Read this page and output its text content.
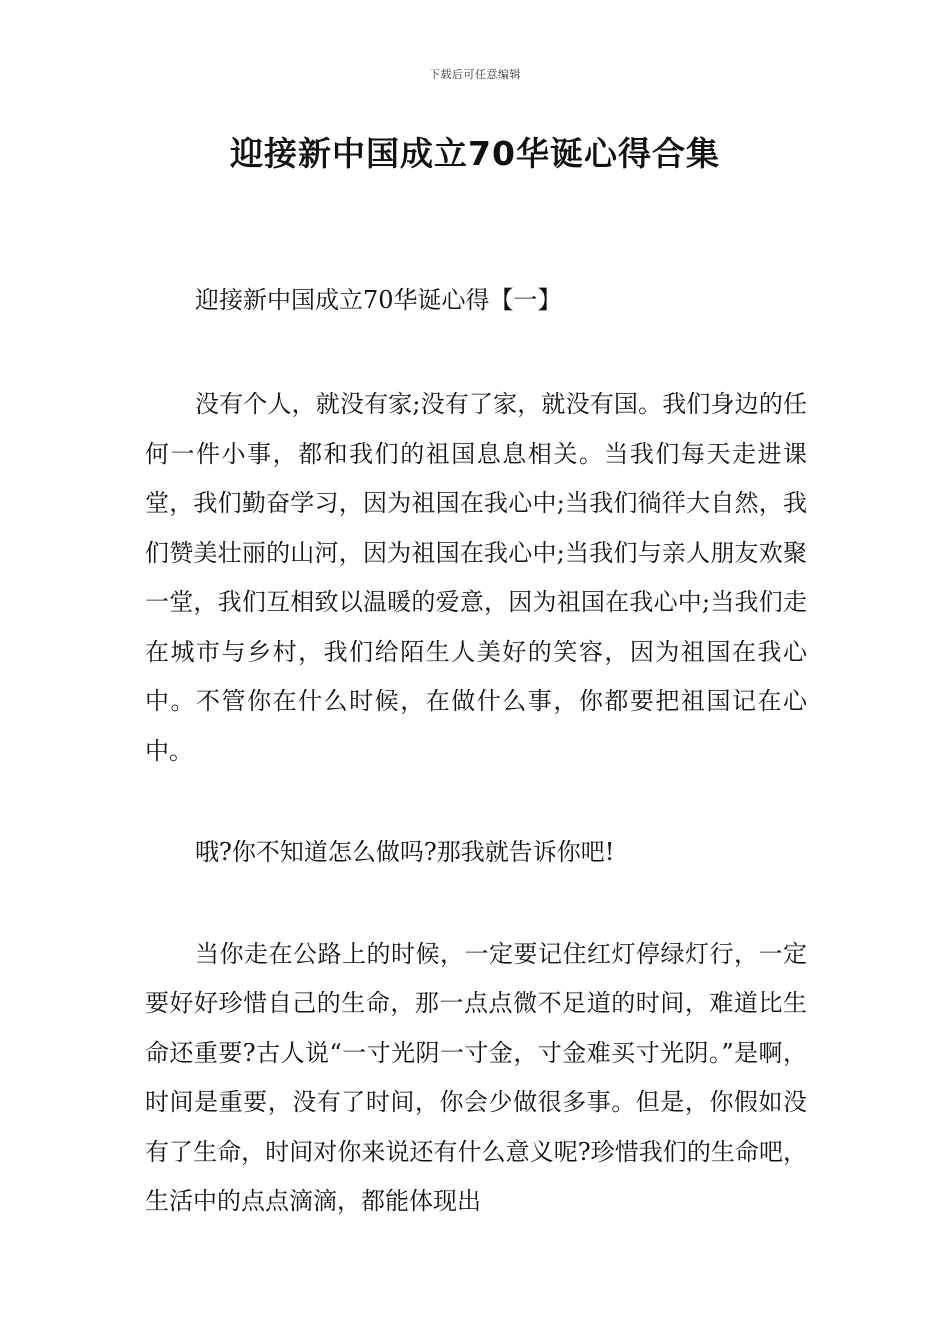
下载后可任意编辑
迎接新中国成立70华诞心得合集

迎接新中国成立70华诞心得【一】

没有个人，就没有家;没有了家，就没有国。我们身边的任何一件小事，都和我们的祖国息息相关。当我们每天走进课堂，我们勤奋学习，因为祖国在我心中;当我们徜徉大自然，我们赞美壮丽的山河，因为祖国在我心中;当我们与亲人朋友欢聚一堂，我们互相致以温暖的爱意，因为祖国在我心中;当我们走在城市与乡村，我们给陌生人美好的笑容，因为祖国在我心中。不管你在什么时候，在做什么事，你都要把祖国记在心中。

哦?你不知道怎么做吗?那我就告诉你吧!

当你走在公路上的时候，一定要记住红灯停绿灯行，一定要好好珍惜自己的生命，那一点点微不足道的时间，难道比生命还重要?古人说“一寸光阴一寸金，寸金难买寸光阴。”是啊，时间是重要，没有了时间，你会少做很多事。但是，你假如没有了生命，时间对你来说还有什么意义呢?珍惜我们的生命吧，生活中的点点滴滴，都能体现出
